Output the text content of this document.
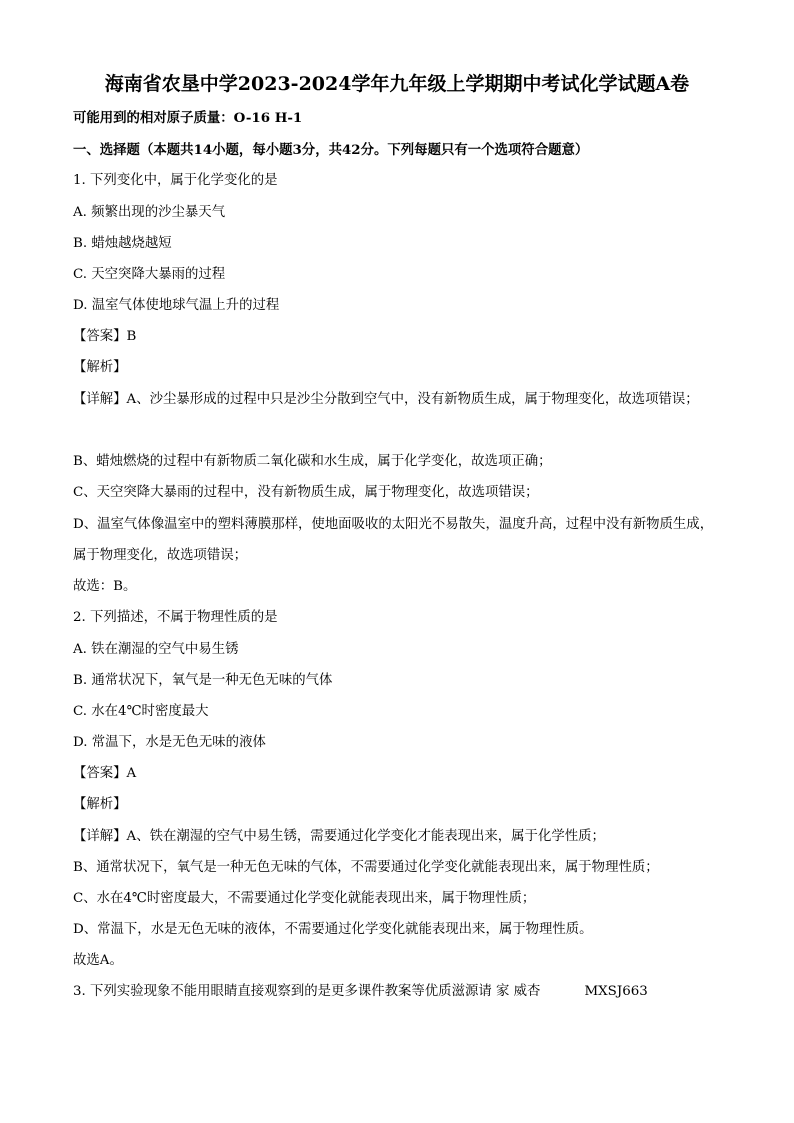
海南省农垦中学2023-2024学年九年级上学期期中考试化学试题A卷
可能用到的相对原子质量：O-16 H-1
一、选择题（本题共14小题，每小题3分，共42分。下列每题只有一个选项符合题意）
1. 下列变化中，属于化学变化的是
A. 频繁出现的沙尘暴天气
B. 蜡烛越烧越短
C. 天空突降大暴雨的过程
D. 温室气体使地球气温上升的过程
【答案】B
【解析】
【详解】A、沙尘暴形成的过程中只是沙尘分散到空气中，没有新物质生成，属于物理变化，故选项错误；
B、蜡烛燃烧的过程中有新物质二氧化碳和水生成，属于化学变化，故选项正确；
C、天空突降大暴雨的过程中，没有新物质生成，属于物理变化，故选项错误；
D、温室气体像温室中的塑料薄膜那样，使地面吸收的太阳光不易散失，温度升高，过程中没有新物质生成，属于物理变化，故选项错误；
故选：B。
2. 下列描述，不属于物理性质的是
A. 铁在潮湿的空气中易生锈
B. 通常状况下，氧气是一种无色无味的气体
C. 水在4℃时密度最大
D. 常温下，水是无色无味的液体
【答案】A
【解析】
【详解】A、铁在潮湿的空气中易生锈，需要通过化学变化才能表现出来，属于化学性质；
B、通常状况下，氧气是一种无色无味的气体，不需要通过化学变化就能表现出来，属于物理性质；
C、水在4℃时密度最大，不需要通过化学变化就能表现出来，属于物理性质；
D、常温下，水是无色无味的液体，不需要通过化学变化就能表现出来，属于物理性质。
故选A。
3. 下列实验现象不能用眼睛直接观察到的是更多课件教案等优质滋源请 家 威杏	MXSJ663
